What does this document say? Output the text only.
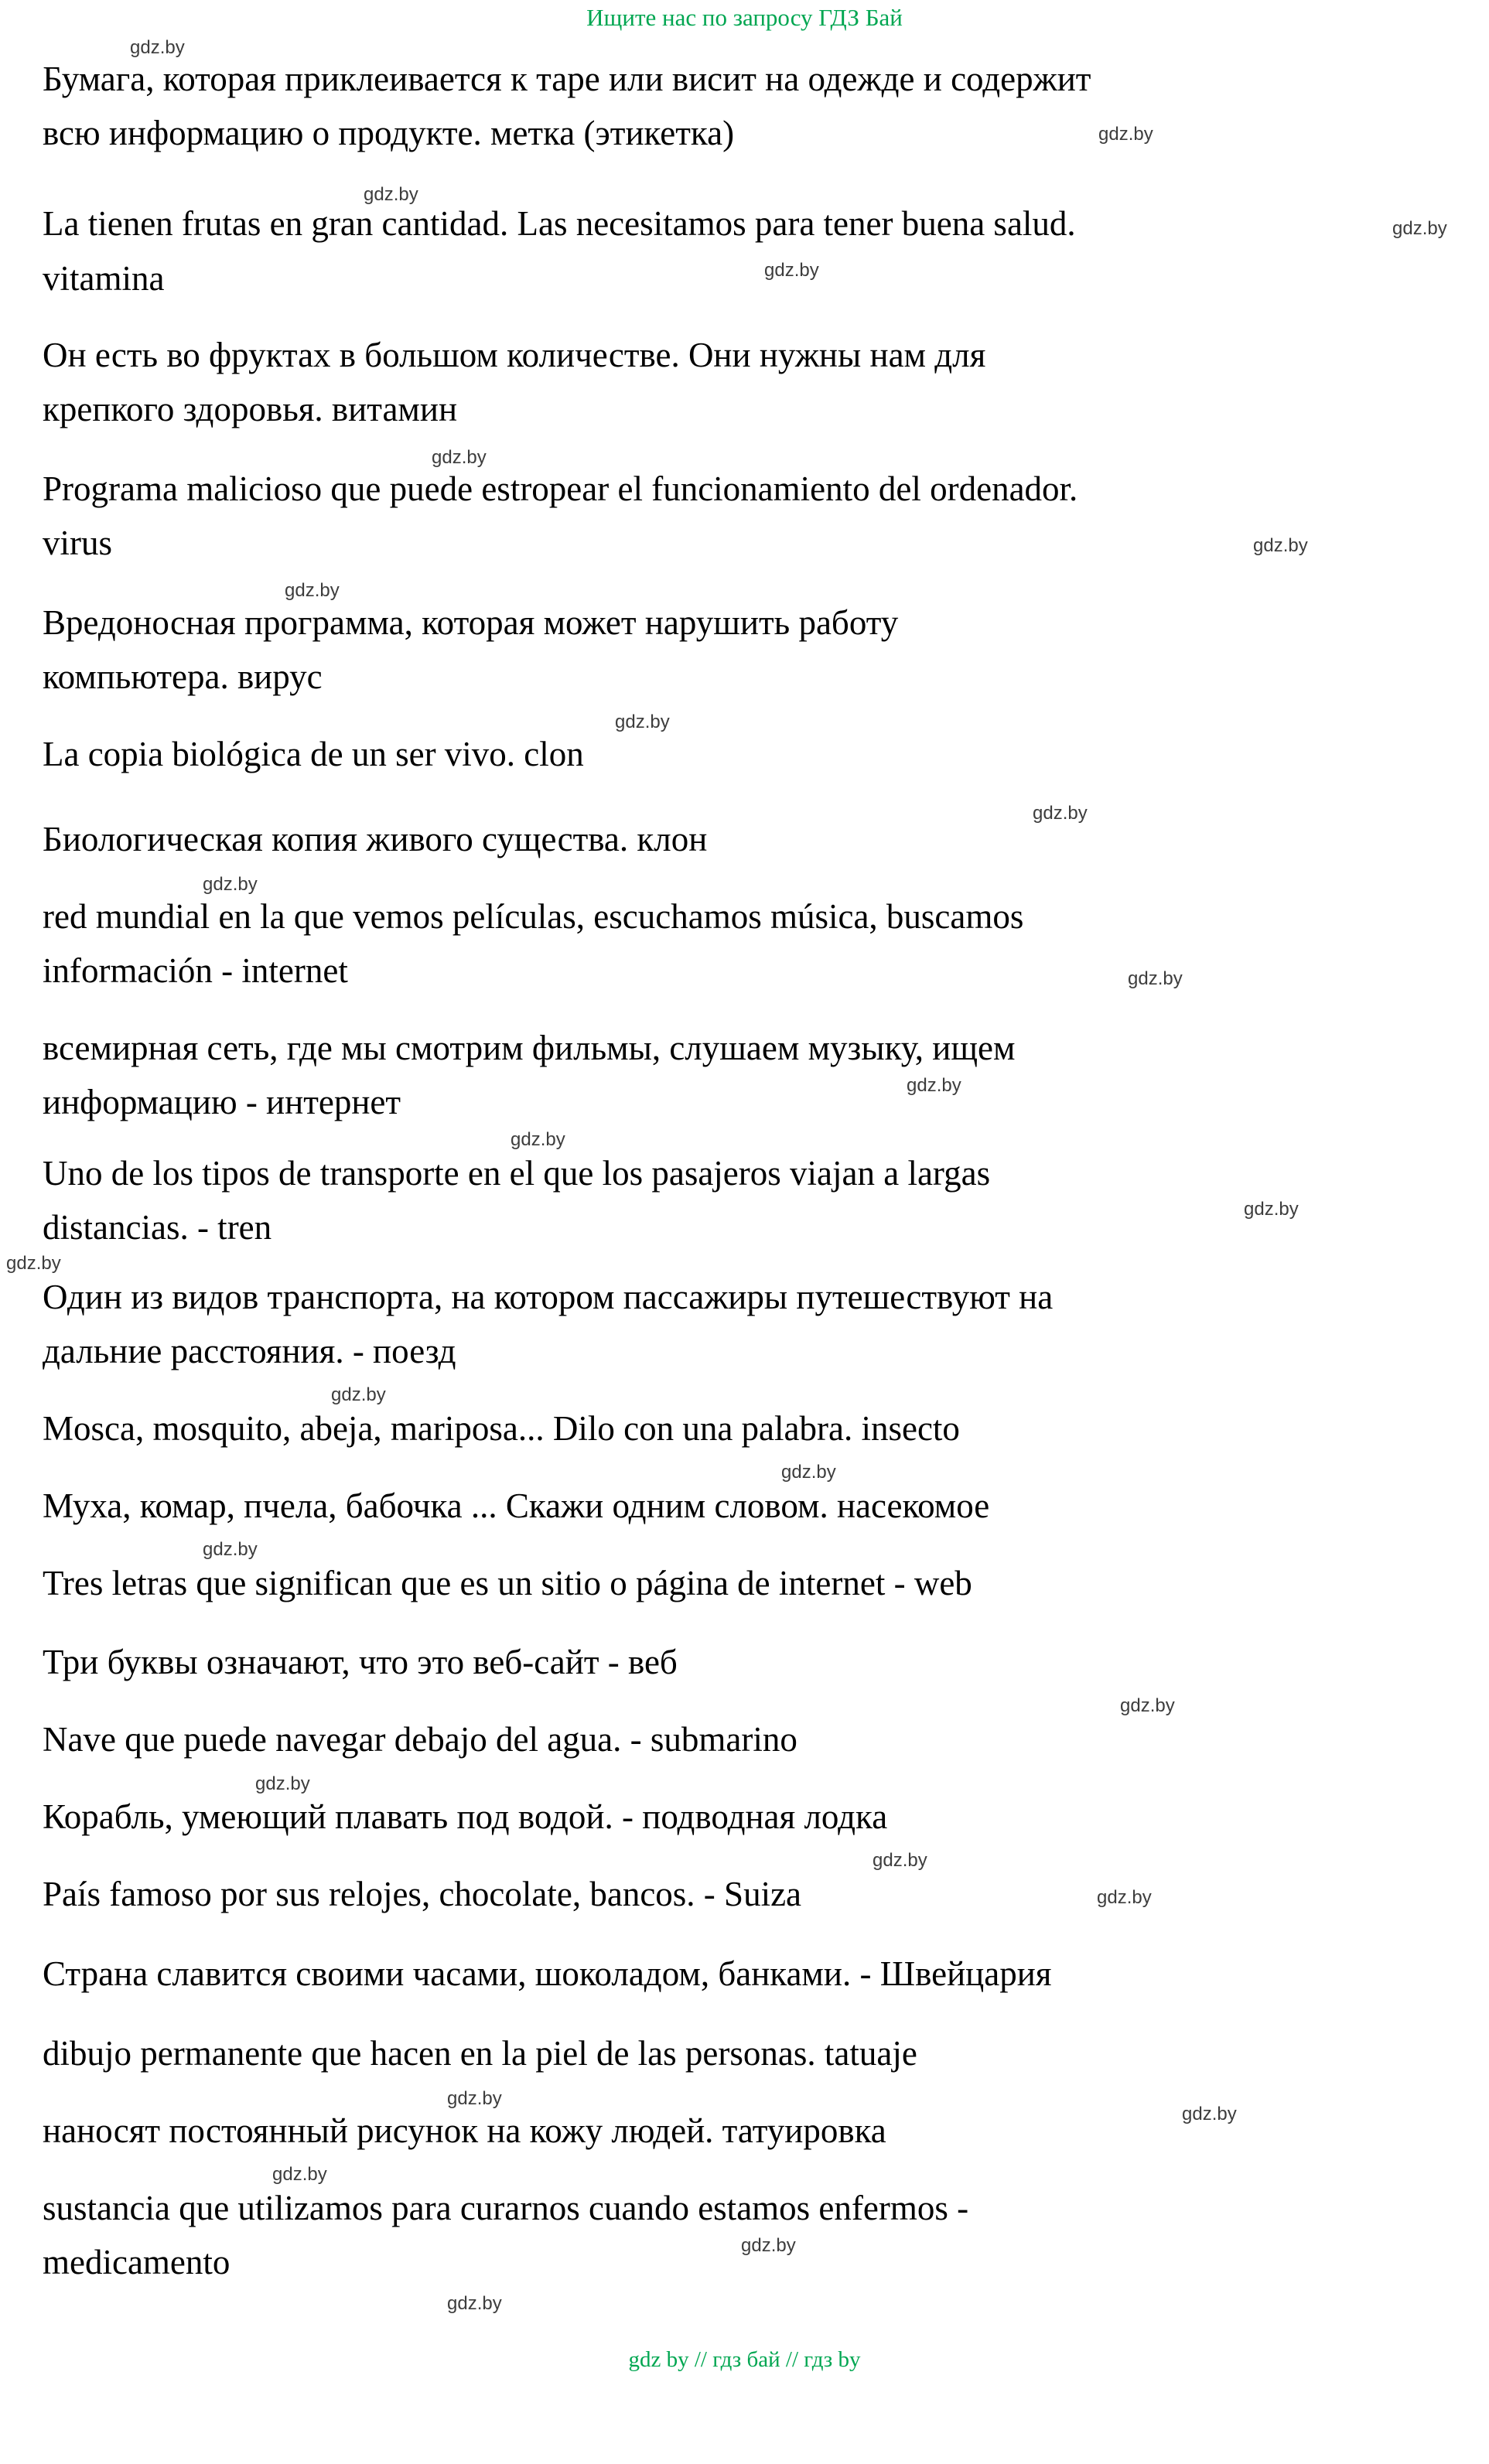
Ищите нас по запросу ГДЗ Бай
Бумага, которая приклеивается к таре или висит на одежде и содержит
всю информацию о продукте. метка (этикетка)
La tienen frutas en gran cantidad. Las necesitamos para tener buena salud.
vitamina
Он есть во фруктах в большом количестве. Они нужны нам для
крепкого здоровья. витамин
Programa malicioso que puede estropear el funcionamiento del ordenador.
virus
Вредоносная программа, которая может нарушить работу
компьютера. вирус
La copia biológica de un ser vivo. clon
Биологическая копия живого существа. клон
red mundial en la que vemos películas, escuchamos música, buscamos
información - internet
всемирная сеть, где мы смотрим фильмы, слушаем музыку, ищем
информацию - интернет
Uno de los tipos de transporte en el que los pasajeros viajan a largas
distancias. - tren
Один из видов транспорта, на котором пассажиры путешествуют на
дальние расстояния. - поезд
Mosca, mosquito, abeja, mariposa... Dilo con una palabra. insecto
Муха, комар, пчела, бабочка ... Скажи одним словом. насекомое
Tres letras que significan que es un sitio o página de internet - web
Три буквы означают, что это веб-сайт - веб
Nave que puede navegar debajo del agua. - submarino
Корабль, умеющий плавать под водой. - подводная лодка
País famoso por sus relojes, chocolate, bancos. - Suiza
Страна славится своими часами, шоколадом, банками. - Швейцария
dibujo permanente que hacen en la piel de las personas. tatuaje
наносят постоянный рисунок на кожу людей. татуировка
sustancia que utilizamos para curarnos cuando estamos enfermos -
medicamento
gdz.by
gdz.by
gdz.by
gdz.by
gdz.by
gdz.by
gdz.by
gdz.by
gdz.by
gdz.by
gdz.by
gdz.by
gdz.by
gdz.by
gdz.by
gdz.by
gdz.by
gdz.by
gdz.by
gdz.by
gdz.by
gdz.by
gdz.by
gdz.by
gdz.by
gdz.by
gdz.by
gdz.by
gdz by // гдз бай // гдз by
